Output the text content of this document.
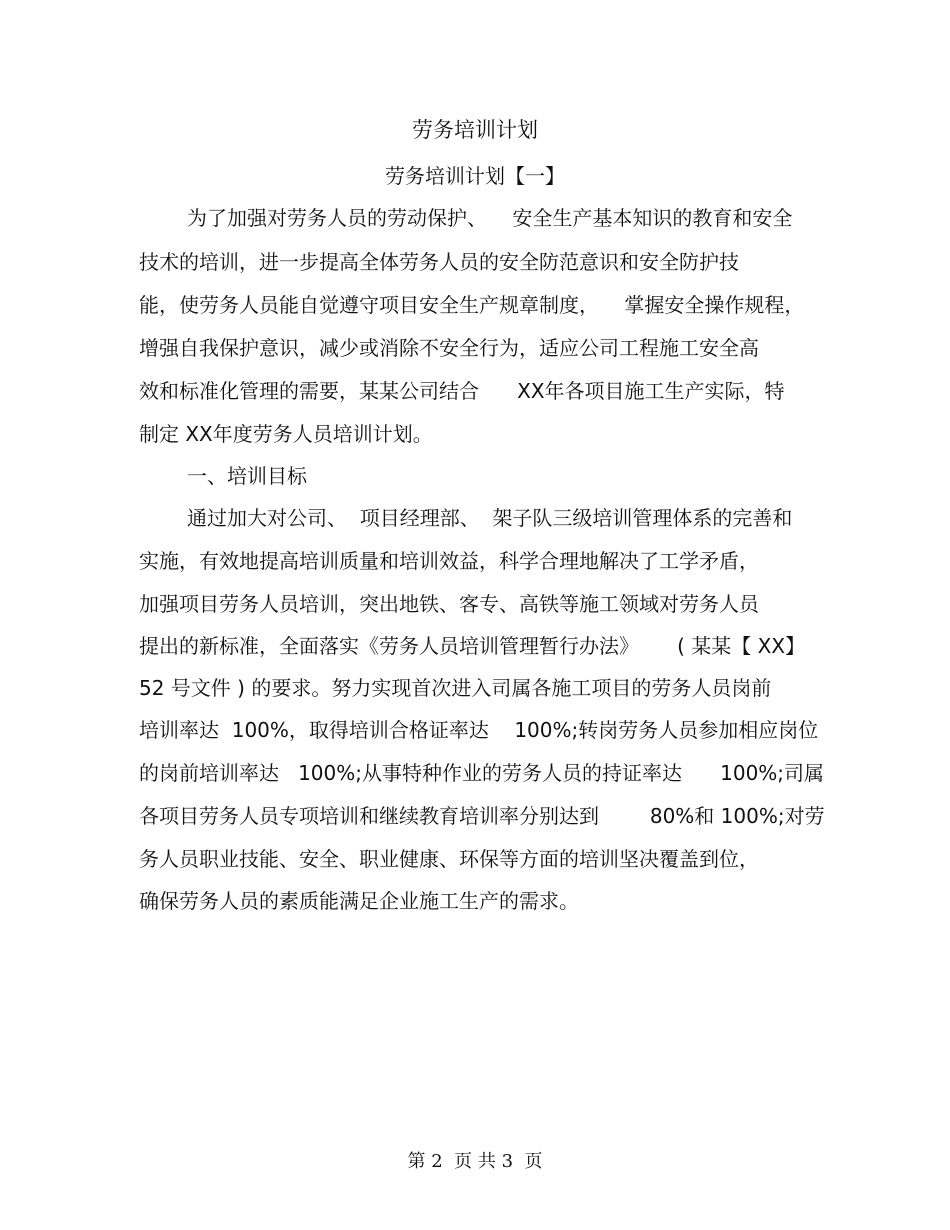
劳务培训计划
劳务培训计划【一】

为了加强对劳务人员的劳动保护、    安全生产基本知识的教育和安全

技术的培训，进一步提高全体劳务人员的安全防范意识和安全防护技

能，使劳务人员能自觉遵守项目安全生产规章制度，    掌握安全操作规程，

增强自我保护意识，减少或消除不安全行为，适应公司工程施工安全高

效和标准化管理的需要，某某公司结合      XX年各项目施工生产实际，特

制定 XX年度劳务人员培训计划。

一、培训目标

通过加大对公司、  项目经理部、  架子队三级培训管理体系的完善和

实施，有效地提高培训质量和培训效益，科学合理地解决了工学矛盾，

加强项目劳务人员培训，突出地铁、客专、高铁等施工领域对劳务人员

提出的新标准，全面落实《劳务人员培训管理暂行办法》      ( 某某【 XX】

52 号文件 ) 的要求。努力实现首次进入司属各施工项目的劳务人员岗前

培训率达  100%，取得培训合格证率达    100%;转岗劳务人员参加相应岗位

的岗前培训率达   100%;从事特种作业的劳务人员的持证率达      100%;司属

各项目劳务人员专项培训和继续教育培训率分别达到        80%和 100%;对劳

务人员职业技能、安全、职业健康、环保等方面的培训坚决覆盖到位，

确保劳务人员的素质能满足企业施工生产的需求。

第 2  页 共 3  页
